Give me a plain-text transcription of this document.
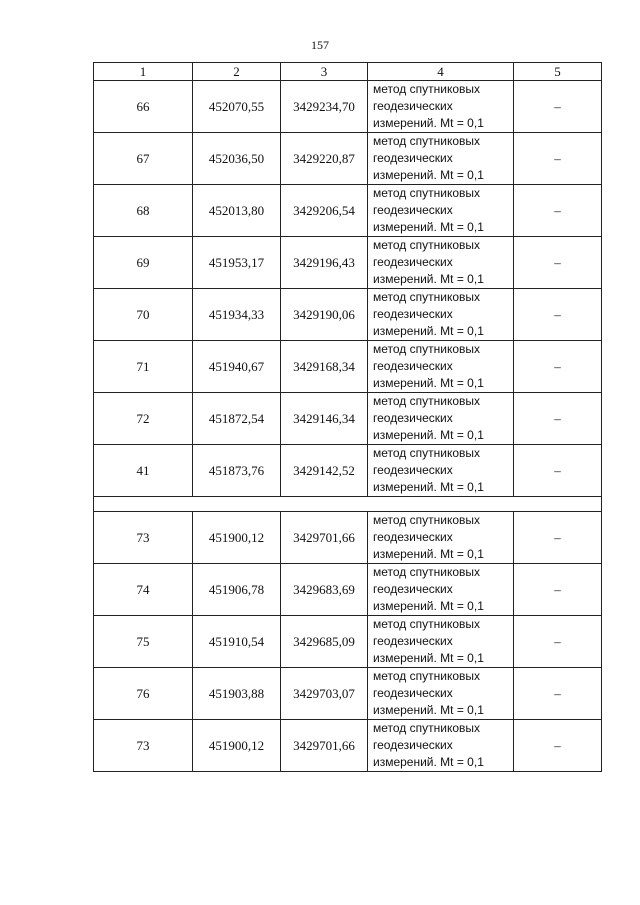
157
1	2	3	4	5
66	452070,55	3429234,70	метод спутниковых
геодезических
измерений. Mt = 0,1	–
67	452036,50	3429220,87	метод спутниковых
геодезических
измерений. Mt = 0,1	–
68	452013,80	3429206,54	метод спутниковых
геодезических
измерений. Mt = 0,1	–
69	451953,17	3429196,43	метод спутниковых
геодезических
измерений. Mt = 0,1	–
70	451934,33	3429190,06	метод спутниковых
геодезических
измерений. Mt = 0,1	–
71	451940,67	3429168,34	метод спутниковых
геодезических
измерений. Mt = 0,1	–
72	451872,54	3429146,34	метод спутниковых
геодезических
измерений. Mt = 0,1	–
41	451873,76	3429142,52	метод спутниковых
геодезических
измерений. Mt = 0,1	–

73	451900,12	3429701,66	метод спутниковых
геодезических
измерений. Mt = 0,1	–
74	451906,78	3429683,69	метод спутниковых
геодезических
измерений. Mt = 0,1	–
75	451910,54	3429685,09	метод спутниковых
геодезических
измерений. Mt = 0,1	–
76	451903,88	3429703,07	метод спутниковых
геодезических
измерений. Mt = 0,1	–
73	451900,12	3429701,66	метод спутниковых
геодезических
измерений. Mt = 0,1	–
